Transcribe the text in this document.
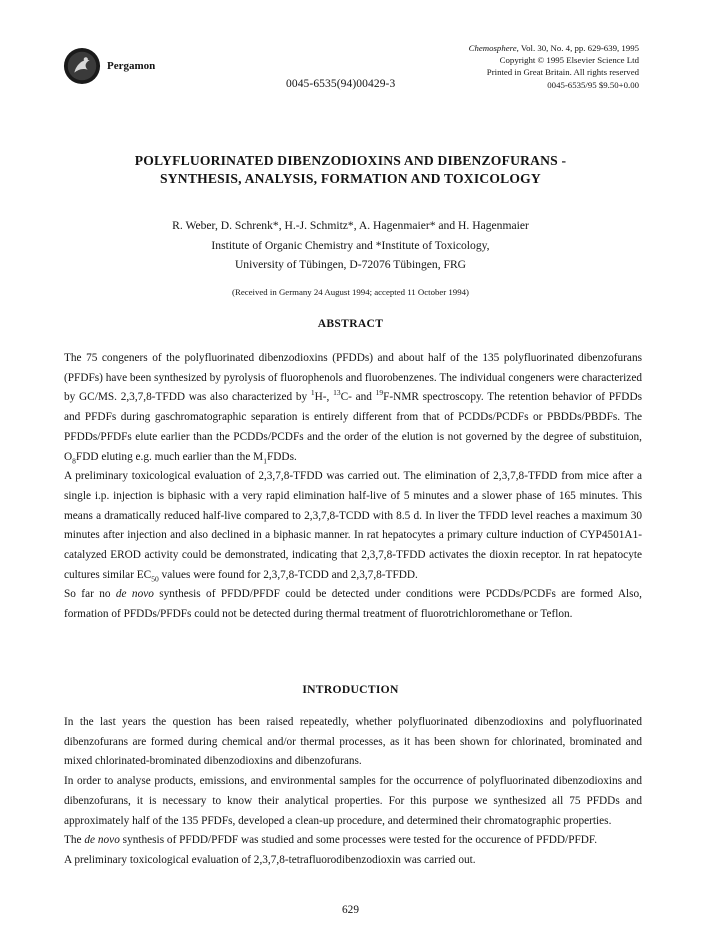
Pergamon
0045-6535(94)00429-3
Chemosphere, Vol. 30, No. 4, pp. 629-639, 1995
Copyright © 1995 Elsevier Science Ltd
Printed in Great Britain. All rights reserved
0045-6535/95 $9.50+0.00
POLYFLUORINATED DIBENZODIOXINS AND DIBENZOFURANS -
SYNTHESIS, ANALYSIS, FORMATION AND TOXICOLOGY
R. Weber, D. Schrenk*, H.-J. Schmitz*, A. Hagenmaier* and H. Hagenmaier
Institute of Organic Chemistry and *Institute of Toxicology,
University of Tübingen, D-72076 Tübingen, FRG
(Received in Germany 24 August 1994; accepted 11 October 1994)
ABSTRACT

The 75 congeners of the polyfluorinated dibenzodioxins (PFDDs) and about half of the 135 polyfluorinated dibenzofurans (PFDFs) have been synthesized by pyrolysis of fluorophenols and fluorobenzenes. The individual congeners were characterized by GC/MS. 2,3,7,8-TFDD was also characterized by $^1$H-, $^{13}$C- and $^{19}$F-NMR spectroscopy. The retention behavior of PFDDs and PFDFs during gaschromatographic separation is entirely different from that of PCDDs/PCDFs or PBDDs/PBDFs. The PFDDs/PFDFs elute earlier than the PCDDs/PCDFs and the order of the elution is not governed by the degree of substituion, $O_8FDD$ eluting e.g. much earlier than the $M_1FDDs$.

A preliminary toxicological evaluation of 2,3,7,8-TFDD was carried out. The elimination of 2,3,7,8-TFDD from mice after a single i.p. injection is biphasic with a very rapid elimination half-live of 5 minutes and a slower phase of 165 minutes. This means a dramatically reduced half-live compared to 2,3,7,8-TCDD with 8.5 d. In liver the TFDD level reaches a maximum 30 minutes after injection and also declined in a biphasic manner. In rat hepatocytes a primary culture induction of CYP4501A1-catalyzed EROD activity could be demonstrated, indicating that 2,3,7,8-TFDD activates the dioxin receptor. In rat hepatocyte cultures similar $EC_{50}$ values were found for 2,3,7,8-TCDD and 2,3,7,8-TFDD.

So far no de novo synthesis of PFDD/PFDF could be detected under conditions were PCDDs/PCDFs are formed Also, formation of PFDDs/PFDFs could not be detected during thermal treatment of fluorotrichloromethane or Teflon.

INTRODUCTION

In the last years the question has been raised repeatedly, whether polyfluorinated dibenzodioxins and polyfluorinated dibenzofurans are formed during chemical and/or thermal processes, as it has been shown for chlorinated, brominated and mixed chlorinated-brominated dibenzodioxins and dibenzofurans.

In order to analyse products, emissions, and environmental samples for the occurrence of polyfluorinated dibenzodioxins and dibenzofurans, it is necessary to know their analytical properties. For this purpose we synthesized all 75 PFDDs and approximately half of the 135 PFDFs, developed a clean-up procedure, and determined their chromatographic properties.

The de novo synthesis of PFDD/PFDF was studied and some processes were tested for the occurence of PFDD/PFDF.

A preliminary toxicological evaluation of 2,3,7,8-tetrafluorodibenzodioxin was carried out.

629
